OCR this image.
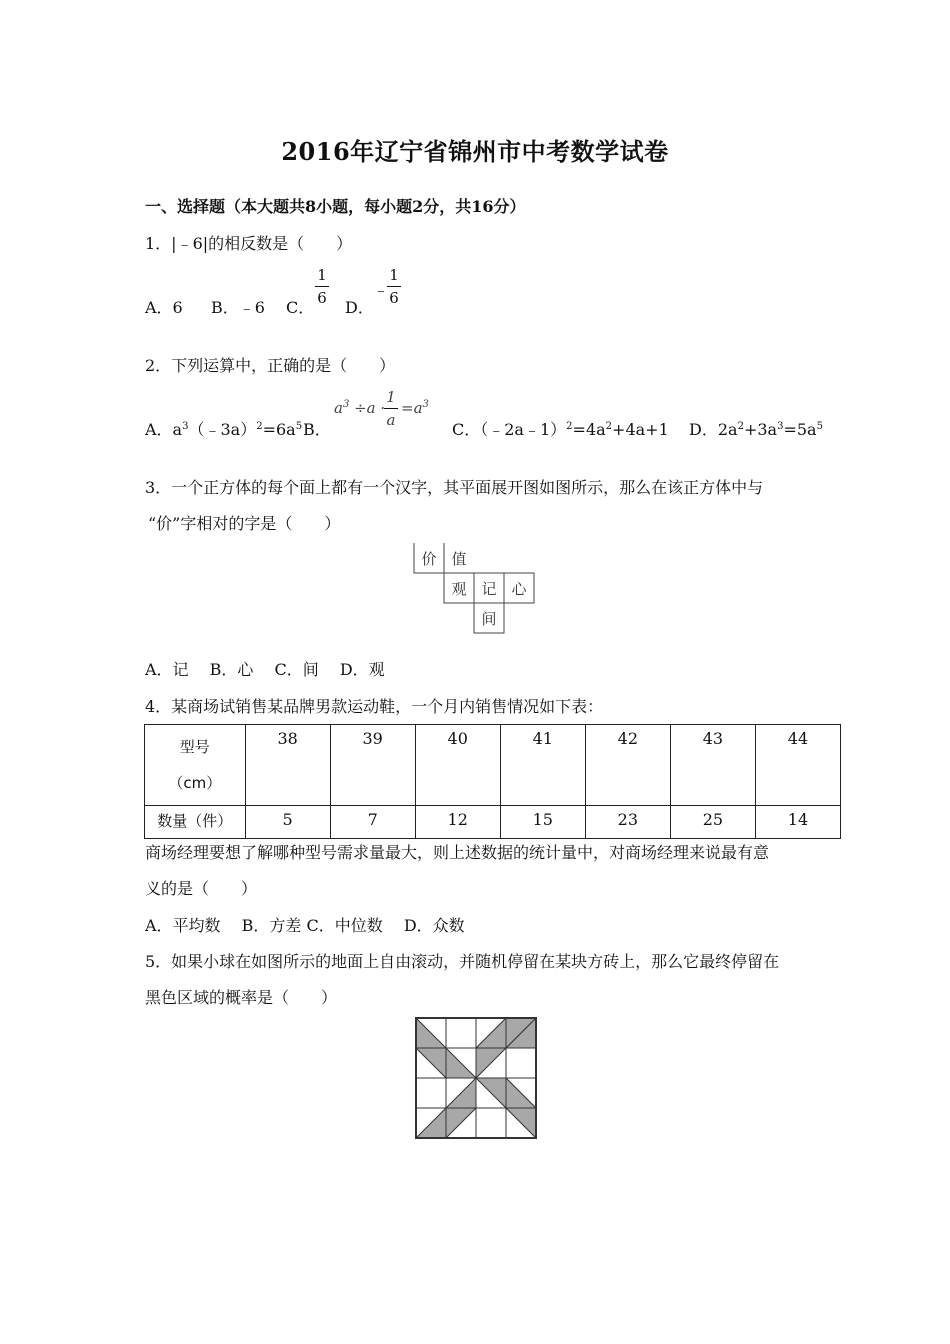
2016年辽宁省锦州市中考数学试卷
一、选择题（本大题共8小题，每小题2分，共16分）
1．|﹣6|的相反数是（　　）
A．6 B．﹣6 C．
1
6 D．
﹣
1
6
2．下列运算中，正确的是（　　）
A．$a^3(﹣3a)^2=6a^5$ B．
$a^3 \div a$ ·
1
a
$=a^3$
C．$(﹣2a﹣1)^2=4a^2+4a+1$ D．$2a^2+3a^3=5a^5$
3．一个正方体的每个面上都有一个汉字，其平面展开图如图所示，那么在该正方体中与
“价”字相对的字是（　　）
价 值
观 记 心
间
A．记　 B．心　 C．间　 D．观
4．某商场试销售某品牌男款运动鞋，一个月内销售情况如下表：
型号
（cm）	38	39	40	41	42	43	44
数量（件）	5	7	12	15	23	25	14
商场经理要想了解哪种型号需求量最大，则上述数据的统计量中，对商场经理来说最有意
义的是（　　）
A．平均数　 B．方差 C．中位数　 D．众数
5．如果小球在如图所示的地面上自由滚动，并随机停留在某块方砖上，那么它最终停留在
黑色区域的概率是（　　）
